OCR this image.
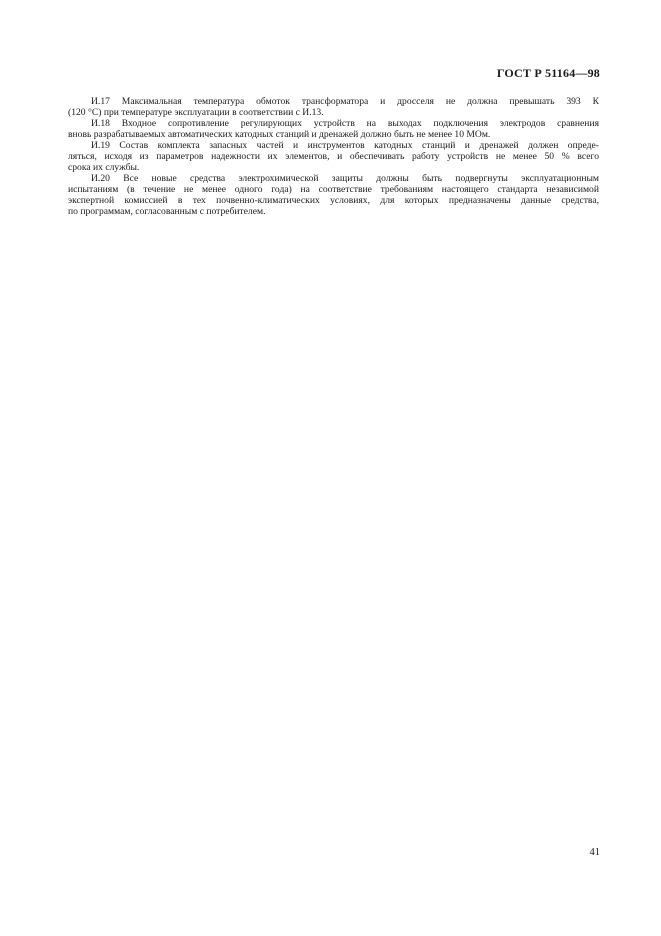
ГОСТ Р 51164—98
И.17 Максимальная температура обмоток трансформатора и дросселя не должна превышать 393 К
(120 °С) при температуре эксплуатации в соответствии с И.13.
И.18 Входное сопротивление регулирующих устройств на выходах подключения электродов сравнения
вновь разрабатываемых автоматических катодных станций и дренажей должно быть не менее 10 МОм.
И.19 Состав комплекта запасных частей и инструментов катодных станций и дренажей должен опреде-
ляться, исходя из параметров надежности их элементов, и обеспечивать работу устройств не менее 50 % всего
срока их службы.
И.20 Все новые средства электрохимической защиты должны быть подвергнуты эксплуатационным
испытаниям (в течение не менее одного года) на соответствие требованиям настоящего стандарта независимой
экспертной комиссией в тех почвенно-климатических условиях, для которых предназначены данные средства,
по программам, согласованным с потребителем.
41
